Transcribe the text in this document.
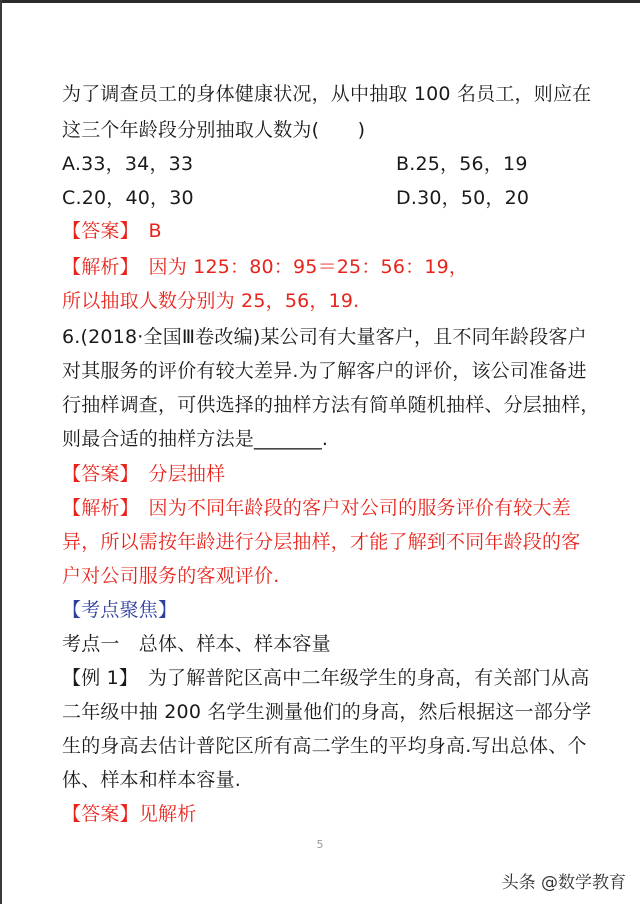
为了调查员工的身体健康状况，从中抽取 100 名员工，则应在
这三个年龄段分别抽取人数为(　　)
A.33，34，33	B.25，56，19
C.20，40，30	D.30，50，20
【答案】　 B
【解析】　 因为 125：80：95＝25：56：19，
所以抽取人数分别为 25，56，19.
6.(2018·全国Ⅲ卷改编)某公司有大量客户，且不同年龄段客户
对其服务的评价有较大差异.为了解客户的评价，该公司准备进
行抽样调查，可供选择的抽样方法有简单随机抽样、分层抽样，
则最合适的抽样方法是_______.
【答案】　 分层抽样
【解析】　 因为不同年龄段的客户对公司的服务评价有较大差
异，所以需按年龄进行分层抽样，才能了解到不同年龄段的客
户对公司服务的客观评价.
【考点聚焦】
考点一　总体、样本、样本容量
【例 1】　 为了解普陀区高中二年级学生的身高，有关部门从高
二年级中抽 200 名学生测量他们的身高，然后根据这一部分学
生的身高去估计普陀区所有高二学生的平均身高.写出总体、个
体、样本和样本容量.
【答案】见解析
5
头条 @数学教育
